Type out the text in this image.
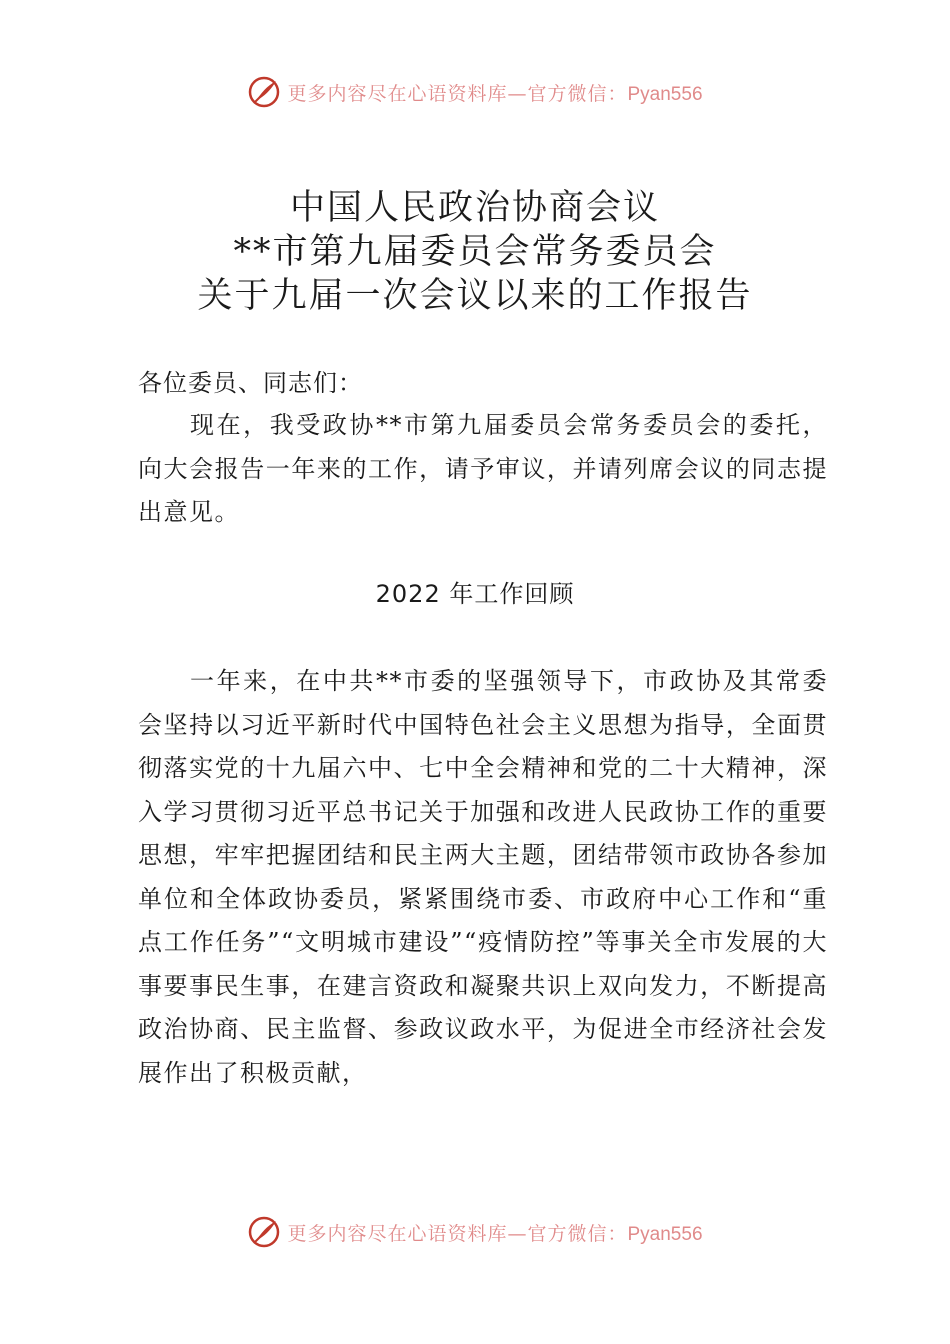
更多内容尽在心语资料库—官方微信：Pyan556
中国人民政治协商会议
**市第九届委员会常务委员会
关于九届一次会议以来的工作报告
各位委员、同志们：
现在，我受政协**市第九届委员会常务委员会的委托，向大会报告一年来的工作，请予审议，并请列席会议的同志提出意见。
2022 年工作回顾
一年来，在中共**市委的坚强领导下，市政协及其常委会坚持以习近平新时代中国特色社会主义思想为指导，全面贯彻落实党的十九届六中、七中全会精神和党的二十大精神，深入学习贯彻习近平总书记关于加强和改进人民政协工作的重要思想，牢牢把握团结和民主两大主题，团结带领市政协各参加单位和全体政协委员，紧紧围绕市委、市政府中心工作和“重点工作任务”“文明城市建设”“疫情防控”等事关全市发展的大事要事民生事，在建言资政和凝聚共识上双向发力，不断提高政治协商、民主监督、参政议政水平，为促进全市经济社会发展作出了积极贡献，
更多内容尽在心语资料库—官方微信：Pyan556
